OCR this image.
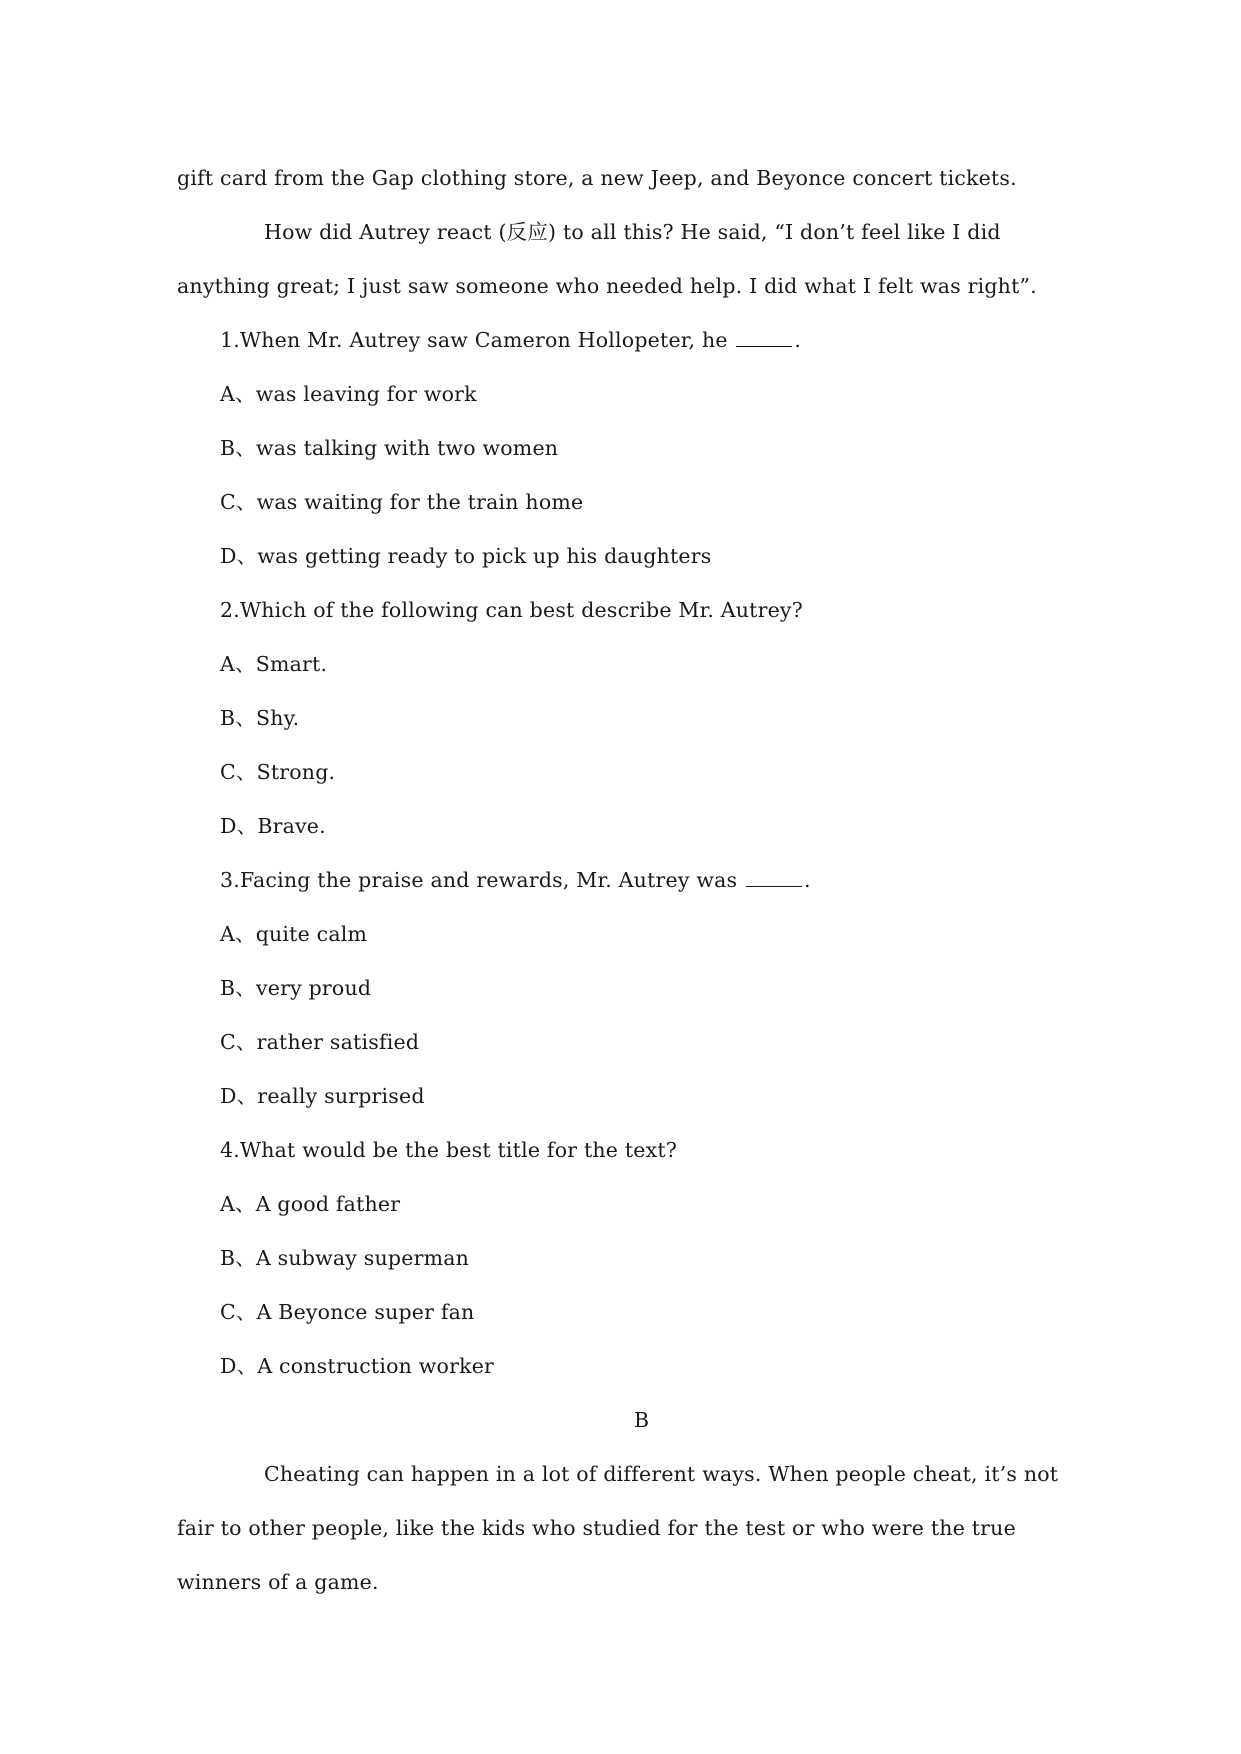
gift card from the Gap clothing store, a new Jeep, and Beyonce concert tickets.
How did Autrey react (反应) to all this? He said, “I don’t feel like I did
anything great; I just saw someone who needed help. I did what I felt was right”.
1.When Mr. Autrey saw Cameron Hollopeter, he	.
A、was leaving for work
B、was talking with two women
C、was waiting for the train home
D、was getting ready to pick up his daughters
2.Which of the following can best describe Mr. Autrey?
A、Smart.
B、Shy.
C、Strong.
D、Brave.
3.Facing the praise and rewards, Mr. Autrey was	.
A、quite calm
B、very proud
C、rather satisfied
D、really surprised
4.What would be the best title for the text?
A、A good father
B、A subway superman
C、A Beyonce super fan
D、A construction worker
B
Cheating can happen in a lot of different ways. When people cheat, it’s not
fair to other people, like the kids who studied for the test or who were the true
winners of a game.
